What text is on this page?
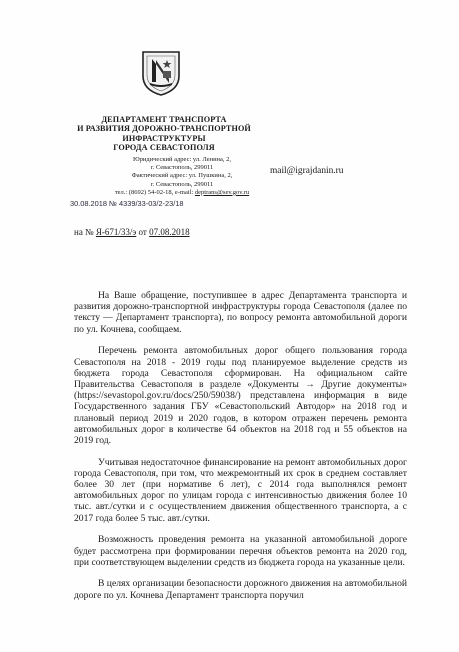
ДЕПАРТАМЕНТ ТРАНСПОРТА
И РАЗВИТИЯ ДОРОЖНО-ТРАНСПОРТНОЙ
ИНФРАСТРУКТУРЫ
ГОРОДА СЕВАСТОПОЛЯ
Юридический адрес: ул. Ленина, 2,
г. Севастополь, 299011
Фактический адрес: ул. Пушкина, 2,
г. Севастополь, 299011
тел.: (8692) 54-02-18, e-mail: deptrans@sev.gov.ru
30.08.2018 № 4339/33-03/2-23/18
mail@igrajdanin.ru
на № Я-671/33/э от 07.08.2018

На Ваше обращение, поступившее в адрес Департамента транспорта и развития дорожно-транспортной инфраструктуры города Севастополя (далее по тексту — Департамент транспорта), по вопросу ремонта автомобильной дороги по ул. Кочнева, сообщаем.

Перечень ремонта автомобильных дорог общего пользования города Севастополя на 2018 - 2019 годы под планируемое выделение средств из бюджета города Севастополя сформирован. На официальном сайте Правительства Севастополя в разделе «Документы → Другие документы» (https://sevastopol.gov.ru/docs/250/59038/) представлена информация в виде Государственного задания ГБУ «Севастопольский Автодор» на 2018 год и плановый период 2019 и 2020 годов, в котором отражен перечень ремонта автомобильных дорог в количестве 64 объектов на 2018 год и 55 объектов на 2019 год.

Учитывая недостаточное финансирование на ремонт автомобильных дорог города Севастополя, при том, что межремонтный их срок в среднем составляет более 30 лет (при нормативе 6 лет), с 2014 года выполнялся ремонт автомобильных дорог по улицам города с интенсивностью движения более 10 тыс. авт./сутки и с осуществлением движения общественного транспорта, а с 2017 года более 5 тыс. авт./сутки.

Возможность проведения ремонта на указанной автомобильной дороге будет рассмотрена при формировании перечня объектов ремонта на 2020 год, при соответствующем выделении средств из бюджета города на указанные цели.

В целях организации безопасности дорожного движения на автомобильной дороге по ул. Кочнева Департамент транспорта поручил
